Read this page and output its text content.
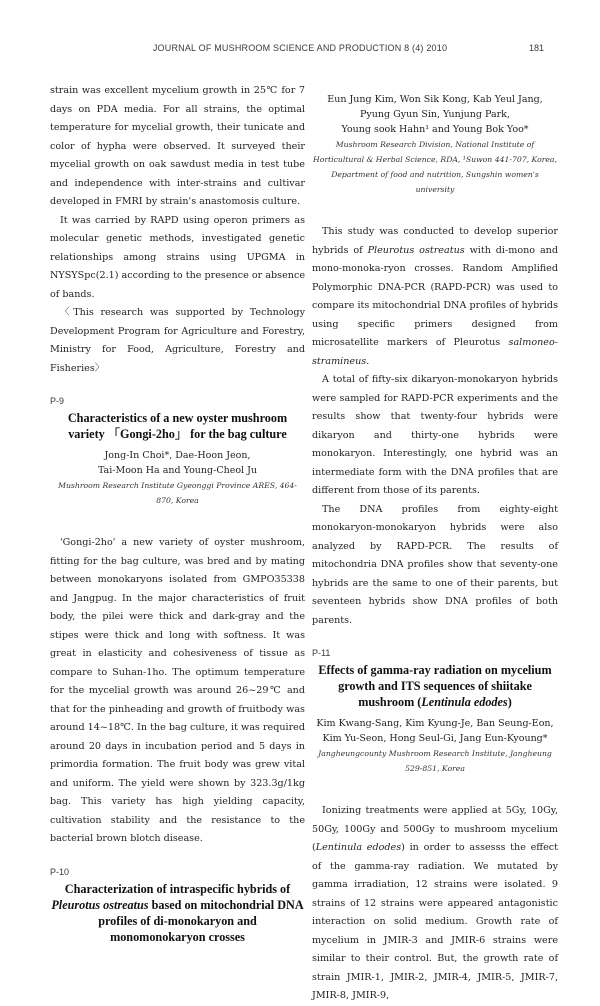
JOURNAL OF MUSHROOM SCIENCE AND PRODUCTION 8 (4) 2010	181

strain was excellent mycelium growth in 25℃ for 7 days on PDA media. For all strains, the optimal temperature for mycelial growth, their tunicate and color of hypha were observed. It surveyed their mycelial growth on oak sawdust media in test tube and independence with inter-strains and cultivar developed in FMRI by strain's anastomosis culture.

It was carried by RAPD using operon primers as molecular genetic methods, investigated genetic relationships among strains using UPGMA in NYSYSpc(2.1) according to the presence or absence of bands.

〈This research was supported by Technology Development Program for Agriculture and Forestry, Ministry for Food, Agriculture, Forestry and Fisheries〉

P-9
Characteristics of a new oyster mushroom variety 「Gongi-2ho」 for the bag culture
Jong-In Choi*, Dae-Hoon Jeon,
Tai-Moon Ha and Young-Cheol Ju
Mushroom Research Institute Gyeonggi Province ARES, 464-870, Korea

'Gongi-2ho' a new variety of oyster mushroom, fitting for the bag culture, was bred and by mating between monokaryons isolated from GMPO35338 and Jangpug. In the major characteristics of fruit body, the pilei were thick and dark-gray and the stipes were thick and long with softness. It was great in elasticity and cohesiveness of tissue as compare to Suhan-1ho. The optimum temperature for the mycelial growth was around 26~29℃ and that for the pinheading and growth of fruitbody was around 14~18℃. In the bag culture, it was required around 20 days in incubation period and 5 days in primordia formation. The fruit body was grew vital and uniform. The yield were shown by 323.3g/1kg bag. This variety has high yielding capacity, cultivation stability and the resistance to the bacterial brown blotch disease.

P-10
Characterization of intraspecific hybrids of Pleurotus ostreatus based on mitochondrial DNA profiles of di-monokaryon and monomonokaryon crosses
Eun Jung Kim, Won Sik Kong, Kab Yeul Jang,
Pyung Gyun Sin, Yunjung Park,
Young sook Hahn¹ and Young Bok Yoo*
Mushroom Research Division, National Institute of Horticultural & Herbal Science, RDA, ¹Suwon 441-707, Korea, Department of food and nutrition, Sungshin women's university

This study was conducted to develop superior hybrids of Pleurotus ostreatus with di-mono and mono-monoka-ryon crosses. Random Amplified Polymorphic DNA-PCR (RAPD-PCR) was used to compare its mitochondrial DNA profiles of hybrids using specific primers designed from microsatellite markers of Pleurotus salmoneo-stramineus.

A total of fifty-six dikaryon-monokaryon hybrids were sampled for RAPD-PCR experiments and the results show that twenty-four hybrids were dikaryon and thirty-one hybrids were monokaryon. Interestingly, one hybrid was an intermediate form with the DNA profiles that are different from those of its parents.

The DNA profiles from eighty-eight monokaryon-monokaryon hybrids were also analyzed by RAPD-PCR. The results of mitochondria DNA profiles show that seventy-one hybrids are the same to one of their parents, but seventeen hybrids show DNA profiles of both parents.

P-11
Effects of gamma-ray radiation on mycelium growth and ITS sequences of shiitake mushroom (Lentinula edodes)
Kim Kwang-Sang, Kim Kyung-Je, Ban Seung-Eon,
Kim Yu-Seon, Hong Seul-Gi, Jang Eun-Kyoung*
Jangheungcounty Mushroom Research Institute, Jangheung 529-851, Korea

Ionizing treatments were applied at 5Gy, 10Gy, 50Gy, 100Gy and 500Gy to mushroom mycelium (Lentinula edodes) in order to assesss the effect of the gamma-ray radiation. We mutated by gamma irradiation, 12 strains were isolated. 9 strains of 12 strains were appeared antagonistic interaction on solid medium. Growth rate of mycelium in JMIR-3 and JMIR-6 strains were similar to their control. But, the growth rate of strain JMIR-1, JMIR-2, JMIR-4, JMIR-5, JMIR-7, JMIR-8, JMIR-9,
